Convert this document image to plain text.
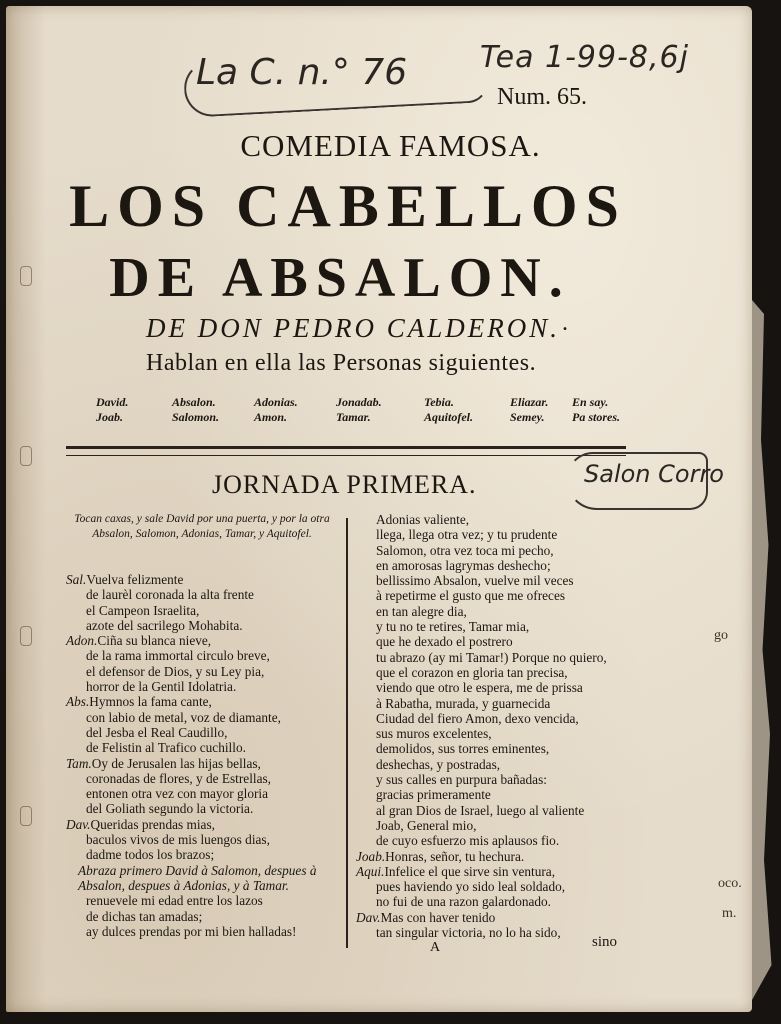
La C. n.° 76 Tea 1-99-8,6j
Num. 65.
COMEDIA FAMOSA.
LOS CABELLOS
DE ABSALON.
DE DON PEDRO CALDERON. .
Hablan en ella las Personas siguientes.
David.
Joab.
Absalon.
Salomon.
Adonias.
Amon.
Jonadab.
Tamar.
Tebia.
Aquitofel.
Eliazar.
Semey.
En say.
Pa stores.
JORNADA PRIMERA.	Salon Corro
Tocan caxas, y sale David por una puerta, y por la otra Absalon, Salomon, Adonias, Tamar, y Aquitofel.
Sal.Vuelva felizmente
de laurèl coronada la alta frente
el Campeon Israelita,
azote del sacrilego Mohabita.
Adon.Ciña su blanca nieve,
de la rama immortal circulo breve,
el defensor de Dios, y su Ley pia,
horror de la Gentil Idolatria.
Abs.Hymnos la fama cante,
con labio de metal, voz de diamante,
del Jesba el Real Caudillo,
de Felistin al Trafico cuchillo.
Tam.Oy de Jerusalen las hijas bellas,
coronadas de flores, y de Estrellas,
entonen otra vez con mayor gloria
del Goliath segundo la victoria.
Dav.Queridas prendas mias,
baculos vivos de mis luengos dias,
dadme todos los brazos;
Abraza primero David à Salomon, despues à
Absalon, despues à Adonias, y à Tamar.
renuevele mi edad entre los lazos
de dichas tan amadas;
ay dulces prendas por mi bien halladas!
Adonias valiente,
llega, llega otra vez; y tu prudente
Salomon, otra vez toca mi pecho,
en amorosas lagrymas deshecho;
bellissimo Absalon, vuelve mil veces
à repetirme el gusto que me ofreces
en tan alegre dia,
y tu no te retires, Tamar mia,
que he dexado el postrero
tu abrazo (ay mi Tamar!) Porque no quiero,
que el corazon en gloria tan precisa,
viendo que otro le espera, me de prissa
à Rabatha, murada, y guarnecida
Ciudad del fiero Amon, dexo vencida,
sus muros excelentes,
demolidos, sus torres eminentes,
deshechas, y postradas,
y sus calles en purpura bañadas:
gracias primeramente
al gran Dios de Israel, luego al valiente
Joab, General mio,
de cuyo esfuerzo mis aplausos fio.
Joab.Honras, señor, tu hechura.
Aqui.Infelice el que sirve sin ventura,
pues haviendo yo sido leal soldado,
no fui de una razon galardonado.
Dav.Mas con haver tenido
tan singular victoria, no lo ha sido,
A	sino
go
oco.
m.
